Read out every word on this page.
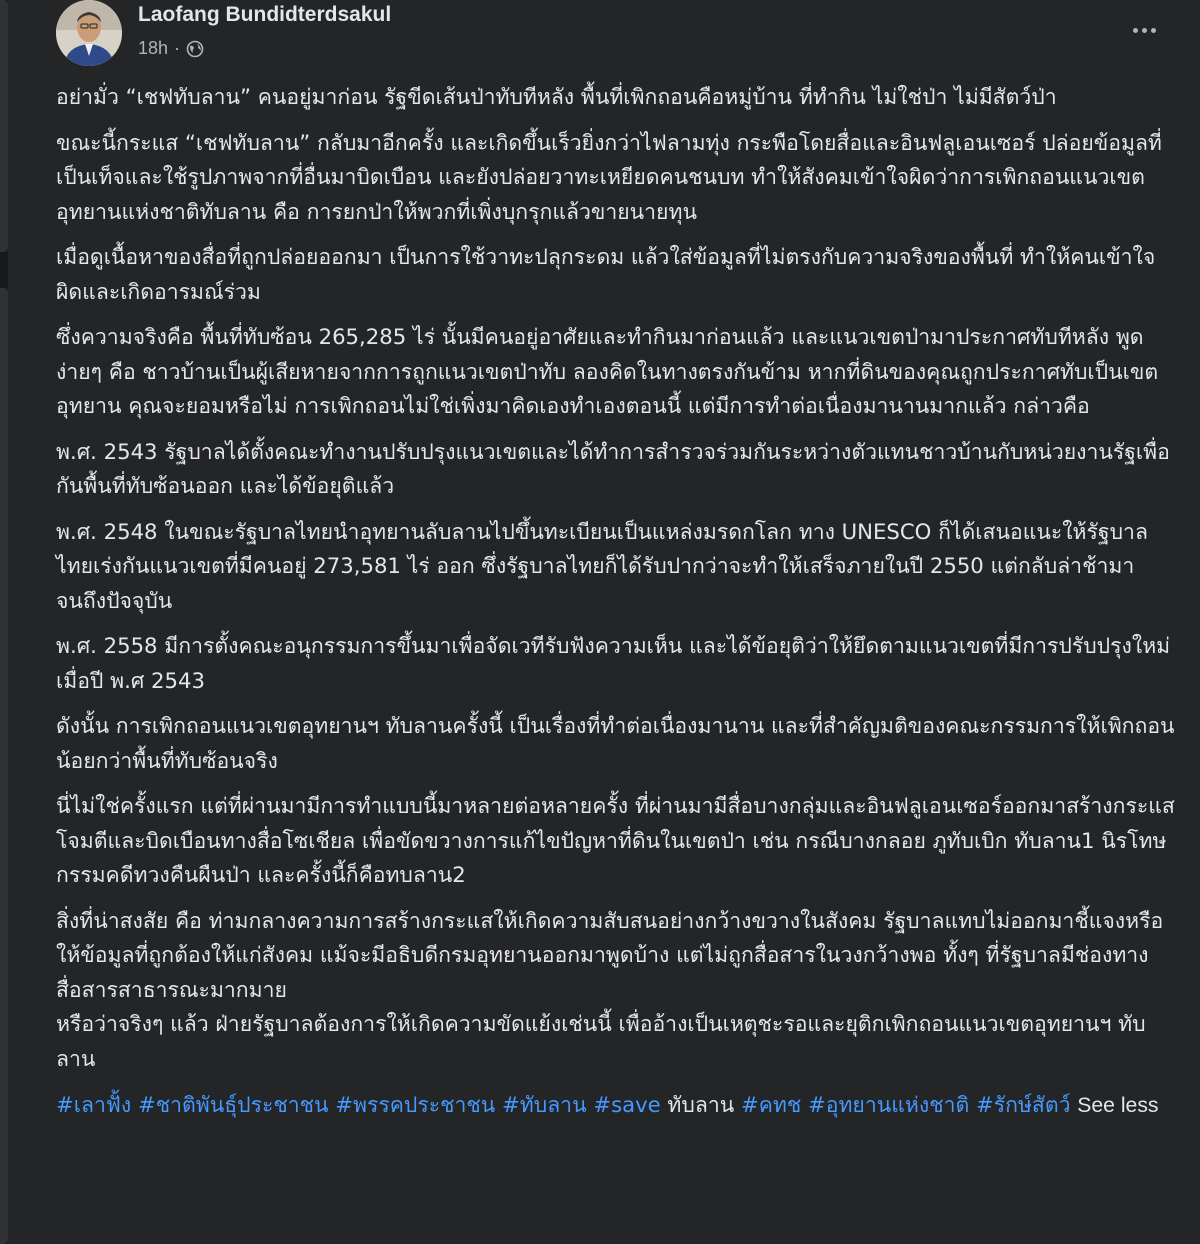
Laofang Bundidterdsakul
18h ·

อย่ามั่ว “เชฟทับลาน” คนอยู่มาก่อน รัฐขีดเส้นป่าทับทีหลัง พื้นที่เพิกถอนคือหมู่บ้าน ที่ทำกิน ไม่ใช่ป่า ไม่มีสัตว์ป่า

ขณะนี้กระแส “เชฟทับลาน” กลับมาอีกครั้ง และเกิดขึ้นเร็วยิ่งกว่าไฟลามทุ่ง กระพือโดยสื่อและอินฟลูเอนเซอร์ ปล่อยข้อมูลที่เป็นเท็จและใช้รูปภาพจากที่อื่นมาบิดเบือน และยังปล่อยวาทะเหยียดคนชนบท ทำให้สังคมเข้าใจผิดว่าการเพิกถอนแนวเขตอุทยานแห่งชาติทับลาน คือ การยกป่าให้พวกที่เพิ่งบุกรุกแล้วขายนายทุน

เมื่อดูเนื้อหาของสื่อที่ถูกปล่อยออกมา เป็นการใช้วาทะปลุกระดม แล้วใส่ข้อมูลที่ไม่ตรงกับความจริงของพื้นที่ ทำให้คนเข้าใจผิดและเกิดอารมณ์ร่วม

ซึ่งความจริงคือ พื้นที่ทับซ้อน 265,285 ไร่ นั้นมีคนอยู่อาศัยและทำกินมาก่อนแล้ว และแนวเขตป่ามาประกาศทับทีหลัง พูดง่ายๆ คือ ชาวบ้านเป็นผู้เสียหายจากการถูกแนวเขตป่าทับ ลองคิดในทางตรงกันข้าม หากที่ดินของคุณถูกประกาศทับเป็นเขตอุทยาน คุณจะยอมหรือไม่ การเพิกถอนไม่ใช่เพิ่งมาคิดเองทำเองตอนนี้ แต่มีการทำต่อเนื่องมานานมากแล้ว กล่าวคือ

พ.ศ. 2543 รัฐบาลได้ตั้งคณะทำงานปรับปรุงแนวเขตและได้ทำการสำรวจร่วมกันระหว่างตัวแทนชาวบ้านกับหน่วยงานรัฐเพื่อกันพื้นที่ทับซ้อนออก และได้ข้อยุติแล้ว

พ.ศ. 2548 ในขณะรัฐบาลไทยนำอุทยานลับลานไปขึ้นทะเบียนเป็นแหล่งมรดกโลก ทาง UNESCO ก็ได้เสนอแนะให้รัฐบาลไทยเร่งกันแนวเขตที่มีคนอยู่ 273,581 ไร่ ออก ซึ่งรัฐบาลไทยก็ได้รับปากว่าจะทำให้เสร็จภายในปี 2550 แต่กลับล่าช้ามาจนถึงปัจจุบัน

พ.ศ. 2558 มีการตั้งคณะอนุกรรมการขึ้นมาเพื่อจัดเวทีรับฟังความเห็น และได้ข้อยุติว่าให้ยึดตามแนวเขตที่มีการปรับปรุงใหม่เมื่อปี พ.ศ 2543

ดังนั้น การเพิกถอนแนวเขตอุทยานฯ ทับลานครั้งนี้ เป็นเรื่องที่ทำต่อเนื่องมานาน และที่สำคัญมติของคณะกรรมการให้เพิกถอนน้อยกว่าพื้นที่ทับซ้อนจริง

นี่ไม่ใช่ครั้งแรก แต่ที่ผ่านมามีการทำแบบนี้มาหลายต่อหลายครั้ง ที่ผ่านมามีสื่อบางกลุ่มและอินฟลูเอนเซอร์ออกมาสร้างกระแสโจมตีและบิดเบือนทางสื่อโซเชียล เพื่อขัดขวางการแก้ไขปัญหาที่ดินในเขตป่า เช่น กรณีบางกลอย ภูทับเบิก ทับลาน1 นิรโทษกรรมคดีทวงคืนผืนป่า และครั้งนี้ก็คือทบลาน2

สิ่งที่น่าสงสัย คือ ท่ามกลางความการสร้างกระแสให้เกิดความสับสนอย่างกว้างขวางในสังคม รัฐบาลแทบไม่ออกมาชี้แจงหรือให้ข้อมูลที่ถูกต้องให้แก่สังคม แม้จะมีอธิบดีกรมอุทยานออกมาพูดบ้าง แต่ไม่ถูกสื่อสารในวงกว้างพอ ทั้งๆ ที่รัฐบาลมีช่องทางสื่อสารสาธารณะมากมาย

หรือว่าจริงๆ แล้ว ฝ่ายรัฐบาลต้องการให้เกิดความขัดแย้งเช่นนี้ เพื่ออ้างเป็นเหตุชะรอและยุติกเพิกถอนแนวเขตอุทยานฯ ทับลาน

#เลาฟั้ง #ชาติพันธุ์ประชาชน #พรรคประชาชน #ทับลาน #save ทับลาน #คทช #อุทยานแห่งชาติ #รักษ์สัตว์ See less
